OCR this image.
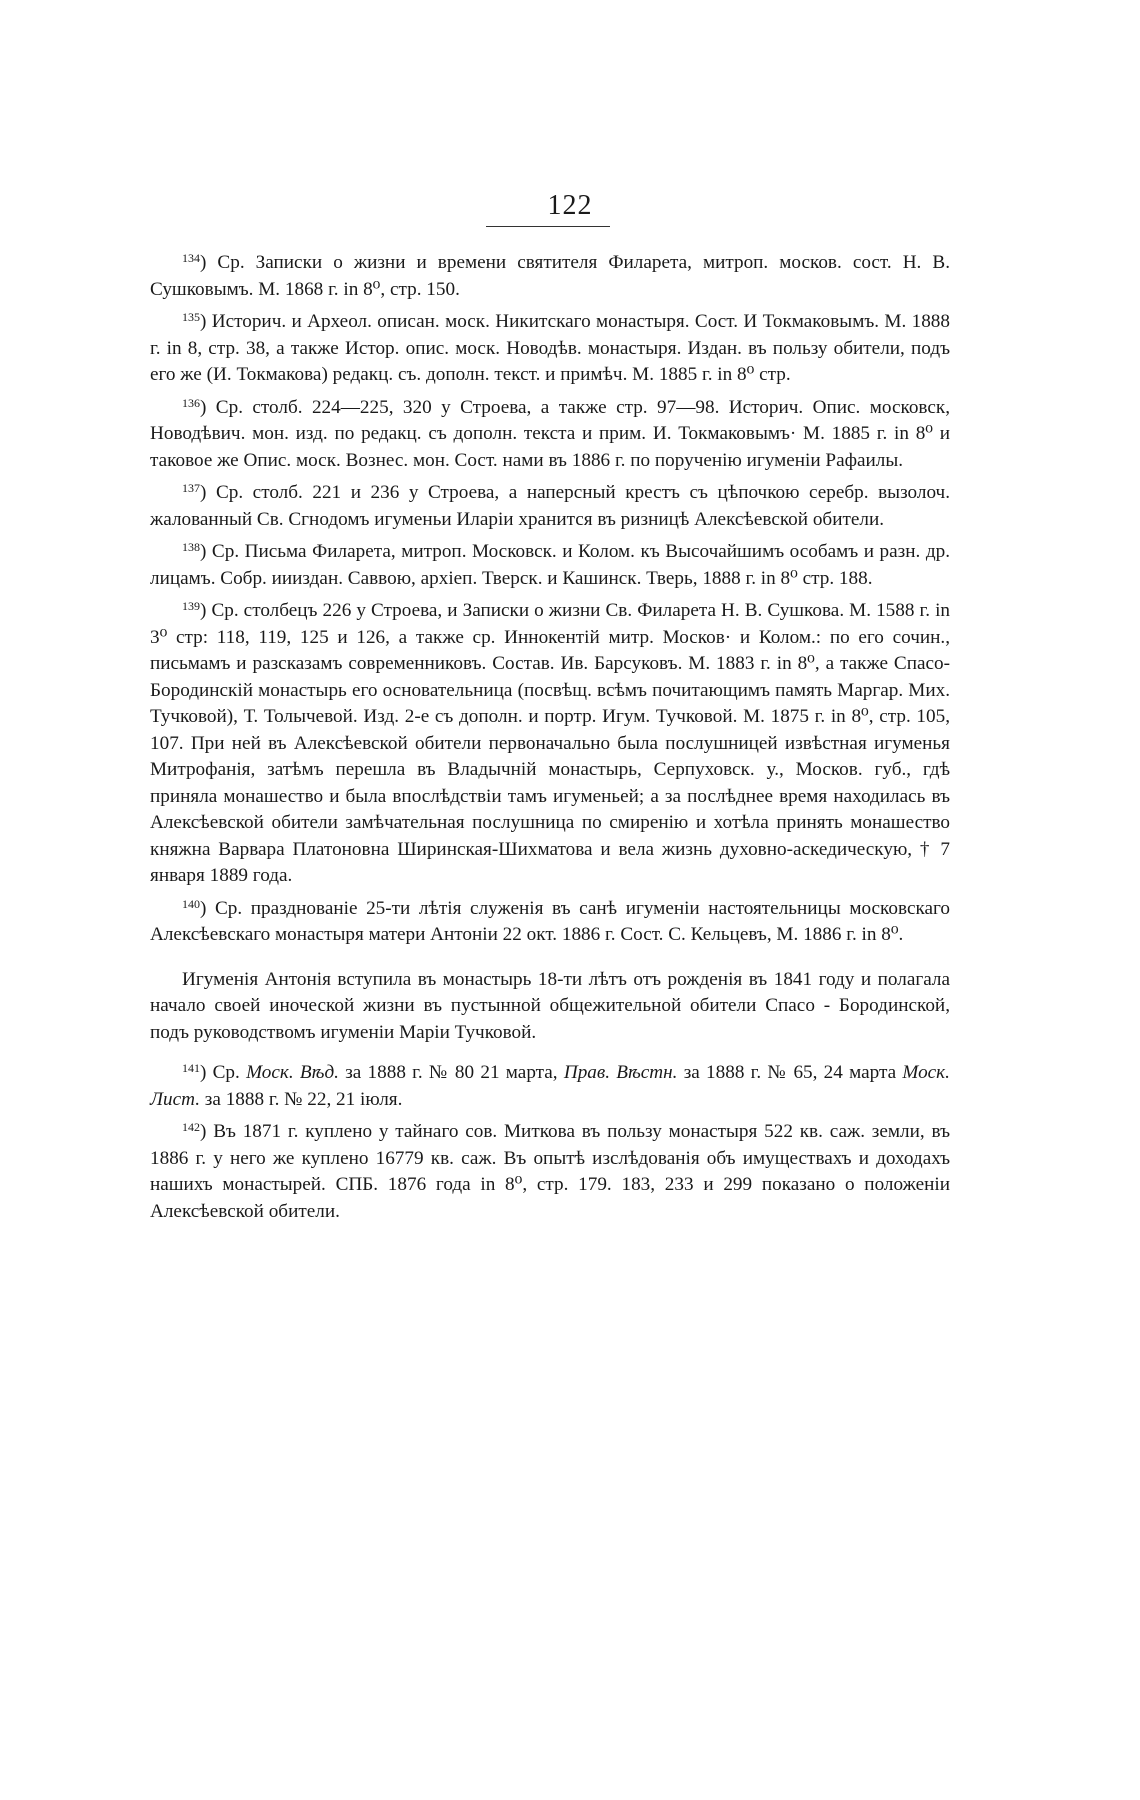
122

$^{134}$) Ср. Записки о жизни и времени святителя Филарета, митроп. москов. сост. Н. В. Сушковымъ. М. 1868 г. in 8⁰, стр. 150.

$^{135}$) Историч. и Археол. описан. моск. Никитскаго монастыря. Сост. И Токмаковымъ. М. 1888 г. in 8, стр. 38, а также Истор. опис. моск. Новодѣв. монастыря. Издан. въ пользу обители, подъ его же (И. Токмакова) редакц. съ. дополн. текст. и примѣч. М. 1885 г. in 8⁰ стр.

$^{136}$) Ср. столб. 224—225, 320 у Строева, а также стр. 97—98. Историч. Опис. московск, Новодѣвич. мон. изд. по редакц. съ дополн. текста и прим. И. Токмаковымъ· М. 1885 г. in 8⁰ и таковое же Опис. моск. Вознес. мон. Сост. нами въ 1886 г. по порученію игуменіи Рафаилы.

$^{137}$) Ср. столб. 221 и 236 у Строева, а наперсный крестъ съ цѣпочкою серебр. вызолоч. жалованный Св. Сгнодомъ игуменьи Иларіи хранится въ ризницѣ Алексѣевской обители.

$^{138}$) Ср. Письма Филарета, митроп. Московск. и Колом. къ Высочайшимъ особамъ и разн. др. лицамъ. Собр. иииздан. Саввою, архіеп. Тверск. и Кашинск. Тверь, 1888 г. in 8⁰ стр. 188.

$^{139}$) Ср. столбецъ 226 у Строева, и Записки о жизни Св. Филарета Н. В. Сушкова. М. 1588 г. in 3⁰ стр: 118, 119, 125 и 126, а также ср. Иннокентій митр. Москов· и Колом.: по его сочин., письмамъ и разсказамъ современниковъ. Состав. Ив. Барсуковъ. М. 1883 г. in 8⁰, а также Спасо-Бородинскій монастырь его основательница (посвѣщ. всѣмъ почитающимъ память Маргар. Мих. Тучковой), Т. Толычевой. Изд. 2-е съ дополн. и портр. Игум. Тучковой. М. 1875 г. in 8⁰, стр. 105, 107. При ней въ Алексѣевской обители первоначально была послушницей извѣстная игуменья Митрофанія, затѣмъ перешла въ Владычній монастырь, Серпуховск. у., Москов. губ., гдѣ приняла монашество и была впослѣдствіи тамъ игуменьей; а за послѣднее время находилась въ Алексѣевской обители замѣчательная послушница по смиренію и хотѣла принять монашество княжна Варвара Платоновна Ширинская-Шихматова и вела жизнь духовно-аскедическую, † 7 января 1889 года.

$^{140}$) Ср. празднованіе 25-ти лѣтія служенія въ санѣ игуменіи настоятельницы московскаго Алексѣевскаго монастыря матери Антоніи 22 окт. 1886 г. Сост. С. Кельцевъ, М. 1886 г. in 8⁰.

Игуменія Антонія вступила въ монастырь 18-ти лѣтъ отъ рожденія въ 1841 году и полагала начало своей иноческой жизни въ пустынной общежительной обители Спасо - Бородинской, подъ руководствомъ игуменіи Маріи Тучковой.

$^{141}$) Ср. Моск. Вѣд. за 1888 г. № 80 21 марта, Прав. Вѣстн. за 1888 г. № 65, 24 марта Моск. Лист. за 1888 г. № 22, 21 іюля.

$^{142}$) Въ 1871 г. куплено у тайнаго сов. Миткова въ пользу монастыря 522 кв. саж. земли, въ 1886 г. у него же куплено 16779 кв. саж. Въ опытѣ изслѣдованія объ имуществахъ и доходахъ нашихъ монастырей. СПБ. 1876 года in 8⁰, стр. 179. 183, 233 и 299 показано о положеніи Алексѣевской обители.
